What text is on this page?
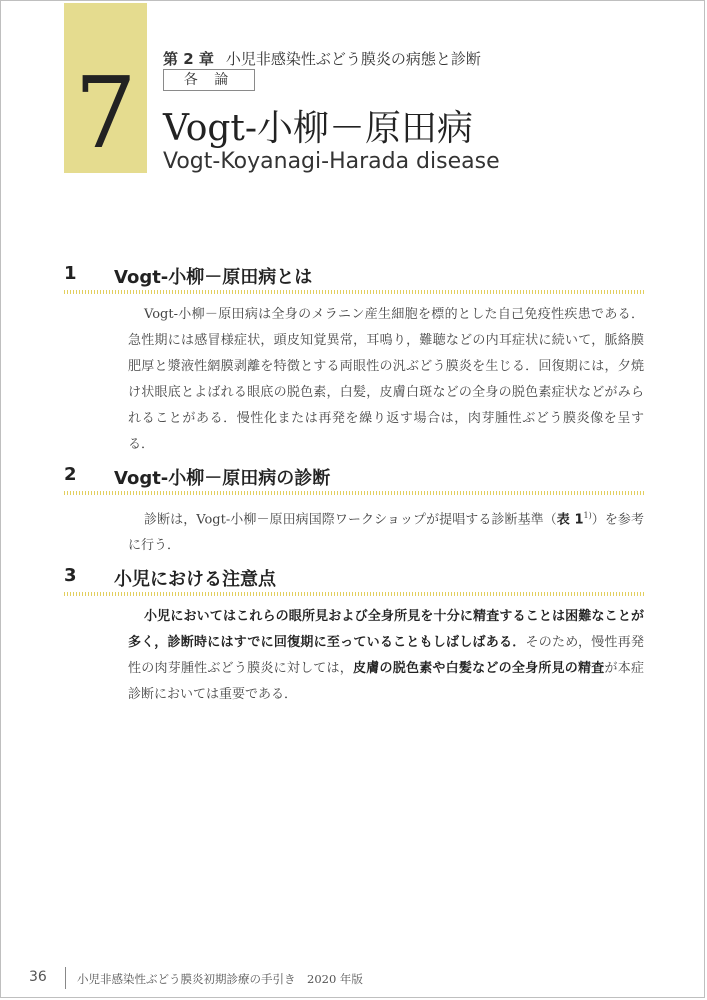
7	第 2 章 小児非感染性ぶどう膜炎の病態と診断
各 論
Vogt‐小柳－原田病
Vogt-Koyanagi-Harada disease
1 Vogt‐小柳－原田病とは

Vogt‐小柳－原田病は全身のメラニン産生細胞を標的とした自己免疫性疾患である．急性期には感冒様症状，頭皮知覚異常，耳鳴り，難聴などの内耳症状に続いて，脈絡膜肥厚と漿液性網膜剥離を特徴とする両眼性の汎ぶどう膜炎を生じる．回復期には，夕焼け状眼底とよばれる眼底の脱色素，白髪，皮膚白斑などの全身の脱色素症状などがみられることがある．慢性化または再発を繰り返す場合は，肉芽腫性ぶどう膜炎像を呈する．

2 Vogt‐小柳－原田病の診断

診断は，Vogt‐小柳－原田病国際ワークショップが提唱する診断基準（表 1$^{1)}$）を参考に行う．

3 小児における注意点

小児においてはこれらの眼所見および全身所見を十分に精査することは困難なことが多く，診断時にはすでに回復期に至っていることもしばしばある．そのため，慢性再発性の肉芽腫性ぶどう膜炎に対しては，皮膚の脱色素や白髪などの全身所見の精査が本症診断においては重要である．

36	小児非感染性ぶどう膜炎初期診療の手引き　2020 年版
